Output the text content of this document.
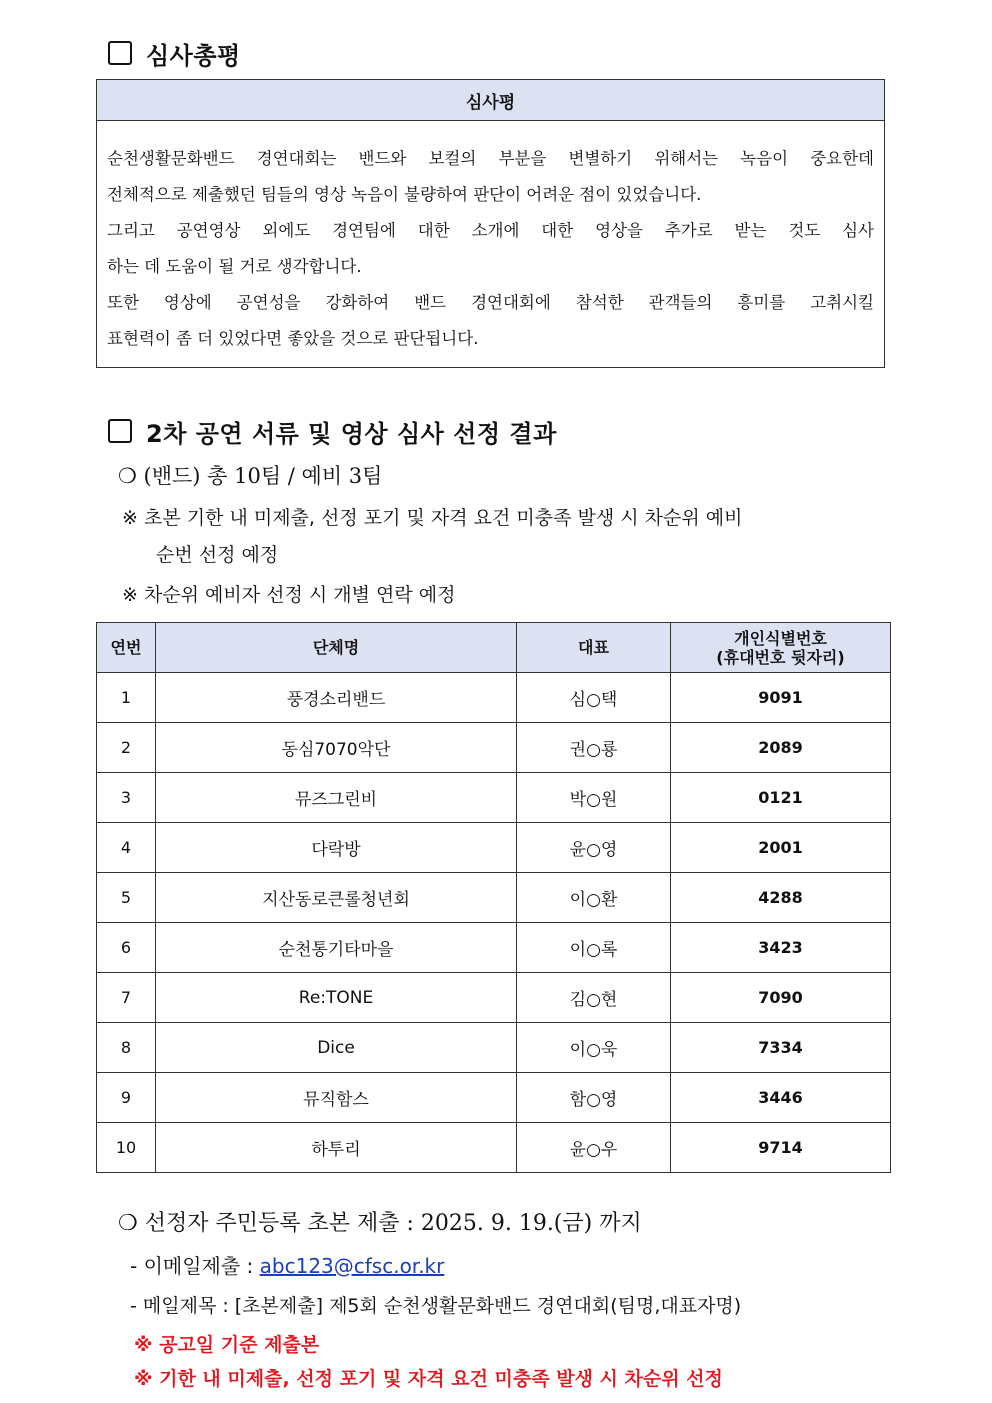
심사총평
심사평
순천생활문화밴드 경연대회는 밴드와 보컬의 부분을 변별하기 위해서는 녹음이 중요한데
전체적으로 제출했던 팀들의 영상 녹음이 불량하여 판단이 어려운 점이 있었습니다.
그리고 공연영상 외에도 경연팀에 대한 소개에 대한 영상을 추가로 받는 것도 심사
하는 데 도움이 될 거로 생각합니다.
또한 영상에 공연성을 강화하여 밴드 경연대회에 참석한 관객들의 흥미를 고취시킬
표현력이 좀 더 있었다면 좋았을 것으로 판단됩니다.
2차 공연 서류 및 영상 심사 선정 결과
❍ (밴드) 총 10팀 / 예비 3팀
※ 초본 기한 내 미제출, 선정 포기 및 자격 요건 미충족 발생 시 차순위 예비
순번 선정 예정
※ 차순위 예비자 선정 시 개별 연락 예정
연번	단체명	대표	개인식별번호
(휴대번호 뒷자리)

1	풍경소리밴드	심○택	9091
2	동심7070악단	권○룡	2089
3	뮤즈그린비	박○원	0121
4	다락방	윤○영	2001
5	지산동로큰롤청년회	이○환	4288
6	순천통기타마을	이○록	3423
7	Re:TONE	김○현	7090
8	Dice	이○욱	7334
9	뮤직함스	함○영	3446
10	하투리	윤○우	9714
❍ 선정자 주민등록 초본 제출 : 2025. 9. 19.(금) 까지
- 이메일제출 : abc123@cfsc.or.kr
- 메일제목 : [초본제출] 제5회 순천생활문화밴드 경연대회(팀명,대표자명)
※ 공고일 기준 제출본
※ 기한 내 미제출, 선정 포기 및 자격 요건 미충족 발생 시 차순위 선정
